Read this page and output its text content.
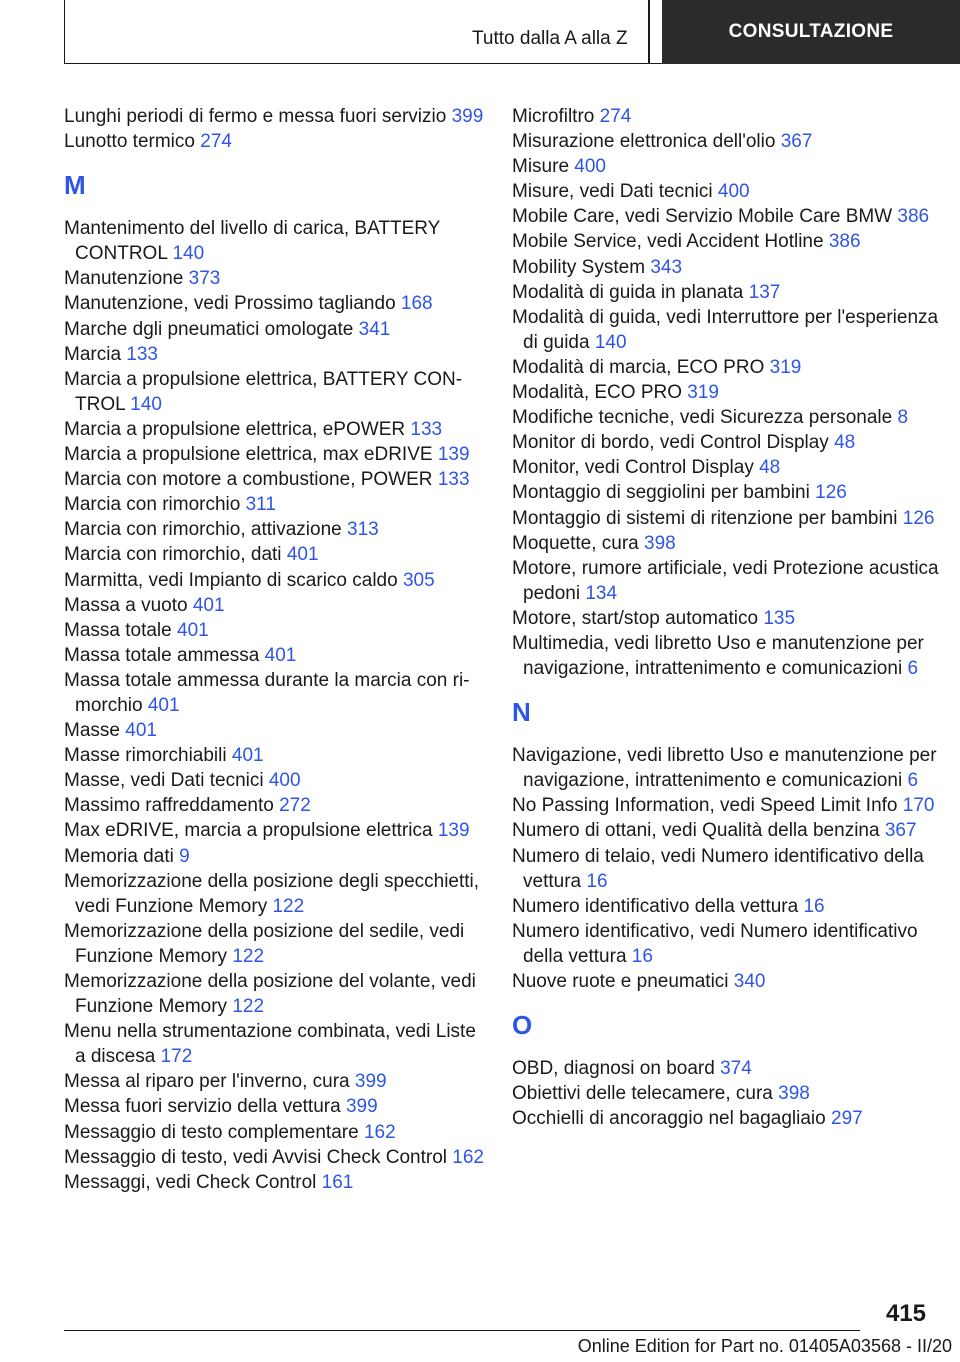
Tutto dalla A alla Z	CONSULTAZIONE
Lunghi periodi di fermo e messa fuori servizio 399
Lunotto termico 274
M
Mantenimento del livello di carica, BATTERY CONTROL 140
Manutenzione 373
Manutenzione, vedi Prossimo tagliando 168
Marche dgli pneumatici omologate 341
Marcia 133
Marcia a propulsione elettrica, BATTERY CONTROL 140
Marcia a propulsione elettrica, ePOWER 133
Marcia a propulsione elettrica, max eDRIVE 139
Marcia con motore a combustione, POWER 133
Marcia con rimorchio 311
Marcia con rimorchio, attivazione 313
Marcia con rimorchio, dati 401
Marmitta, vedi Impianto di scarico caldo 305
Massa a vuoto 401
Massa totale 401
Massa totale ammessa 401
Massa totale ammessa durante la marcia con rimorchio 401
Masse 401
Masse rimorchiabili 401
Masse, vedi Dati tecnici 400
Massimo raffreddamento 272
Max eDRIVE, marcia a propulsione elettrica 139
Memoria dati 9
Memorizzazione della posizione degli specchietti, vedi Funzione Memory 122
Memorizzazione della posizione del sedile, vedi Funzione Memory 122
Memorizzazione della posizione del volante, vedi Funzione Memory 122
Menu nella strumentazione combinata, vedi Liste a discesa 172
Messa al riparo per l'inverno, cura 399
Messa fuori servizio della vettura 399
Messaggio di testo complementare 162
Messaggio di testo, vedi Avvisi Check Control 162
Messaggi, vedi Check Control 161
Microfiltro 274
Misurazione elettronica dell'olio 367
Misure 400
Misure, vedi Dati tecnici 400
Mobile Care, vedi Servizio Mobile Care BMW 386
Mobile Service, vedi Accident Hotline 386
Mobility System 343
Modalità di guida in planata 137
Modalità di guida, vedi Interruttore per l'esperienza di guida 140
Modalità di marcia, ECO PRO 319
Modalità, ECO PRO 319
Modifiche tecniche, vedi Sicurezza personale 8
Monitor di bordo, vedi Control Display 48
Monitor, vedi Control Display 48
Montaggio di seggiolini per bambini 126
Montaggio di sistemi di ritenzione per bambini 126
Moquette, cura 398
Motore, rumore artificiale, vedi Protezione acustica pedoni 134
Motore, start/stop automatico 135
Multimedia, vedi libretto Uso e manutenzione per navigazione, intrattenimento e comunicazioni 6
N
Navigazione, vedi libretto Uso e manutenzione per navigazione, intrattenimento e comunicazioni 6
No Passing Information, vedi Speed Limit Info 170
Numero di ottani, vedi Qualità della benzina 367
Numero di telaio, vedi Numero identificativo della vettura 16
Numero identificativo della vettura 16
Numero identificativo, vedi Numero identificativo della vettura 16
Nuove ruote e pneumatici 340
O
OBD, diagnosi on board 374
Obiettivi delle telecamere, cura 398
Occhielli di ancoraggio nel bagagliaio 297
415
Online Edition for Part no. 01405A03568 - II/20
